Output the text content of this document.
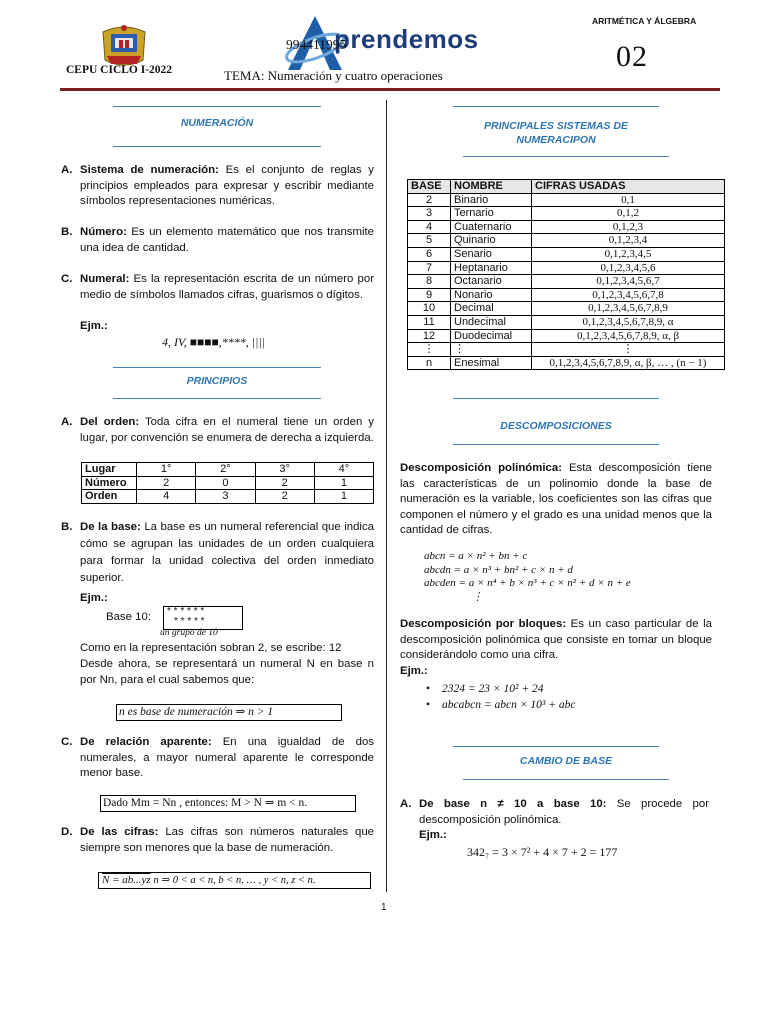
CEPU CICLO I-2022
prendemos
994411995
TEMA: Numeración y cuatro operaciones
ARITMÉTICA Y ÁLGEBRA
02
NUMERACIÓN
A. Sistema de numeración: Es el conjunto de reglas y principios empleados para expresar y escribir mediante símbolos representaciones numéricas.
B. Número: Es un elemento matemático que nos transmite una idea de cantidad.
C. Numeral: Es la representación escrita de un número por medio de símbolos llamados cifras, guarismos o dígitos.
Ejm.:
4, IV, ■■■■,****, ||||
PRINCIPIOS
A. Del orden: Toda cifra en el numeral tiene un orden y lugar, por convención se enumera de derecha a izquierda.
Lugar	1°	2°	3°	4°
Número	2	0	2	1
Orden	4	3	2	1
B. De la base: La base es un numeral referencial que indica cómo se agrupan las unidades de un orden cualquiera para formar la unidad colectiva del orden inmediato superior.
Ejm.:
Base 10:	* * * * * *
* * * * *
un grupo de 10
Como en la representación sobran 2, se escribe: 12
Desde ahora, se representará un numeral N en base n por Nn, para el cual sabemos que:
n es base de numeración ⇒ n > 1
C. De relación aparente: En una igualdad de dos numerales, a mayor numeral aparente le corresponde menor base.
Dado Mm = Nn , entonces: M > N ⇒ m < n.
D. De las cifras: Las cifras son números naturales que siempre son menores que la base de numeración.
N = ab...yz n ⇒ 0 < a < n, b < n, … , y < n, z < n.
PRINCIPALES SISTEMAS DE
NUMERACIPON
BASE	NOMBRE	CIFRAS USADAS
2	Binario	0,1
3	Ternario	0,1,2
4	Cuaternario	0,1,2,3
5	Quinario	0,1,2,3,4
6	Senario	0,1,2,3,4,5
7	Heptanario	0,1,2,3,4,5,6
8	Octanario	0,1,2,3,4,5,6,7
9	Nonario	0,1,2,3,4,5,6,7,8
10	Decimal	0,1,2,3,4,5,6,7,8,9
11	Undecimal	0,1,2,3,4,5,6,7,8,9, α
12	Duodecimal	0,1,2,3,4,5,6,7,8,9, α, β
⋮	⋮	⋮
n	Enesimal	0,1,2,3,4,5,6,7,8,9, α, β, … , (n − 1)
DESCOMPOSICIONES
Descomposición polinómica: Esta descomposición tiene las características de un polinomio donde la base de numeración es la variable, los coeficientes son las cifras que componen el número y el grado es una unidad menos que la cantidad de cifras.
abcn = a × n² + bn + c
abcdn = a × n³ + bn² + c × n + d
abcden = a × n⁴ + b × n³ + c × n² + d × n + e
⋮
Descomposición por bloques: Es un caso particular de la descomposición polinómica que consiste en tomar un bloque considerándolo como una cifra.
Ejm.:
• 2324 = 23 × 10² + 24
• abcabcn = abcn × 10³ + abc
CAMBIO DE BASE
A. De base n ≠ 10 a base 10: Se procede por descomposición polinómica.
Ejm.:
342₇ = 3 × 7² + 4 × 7 + 2 = 177
1
